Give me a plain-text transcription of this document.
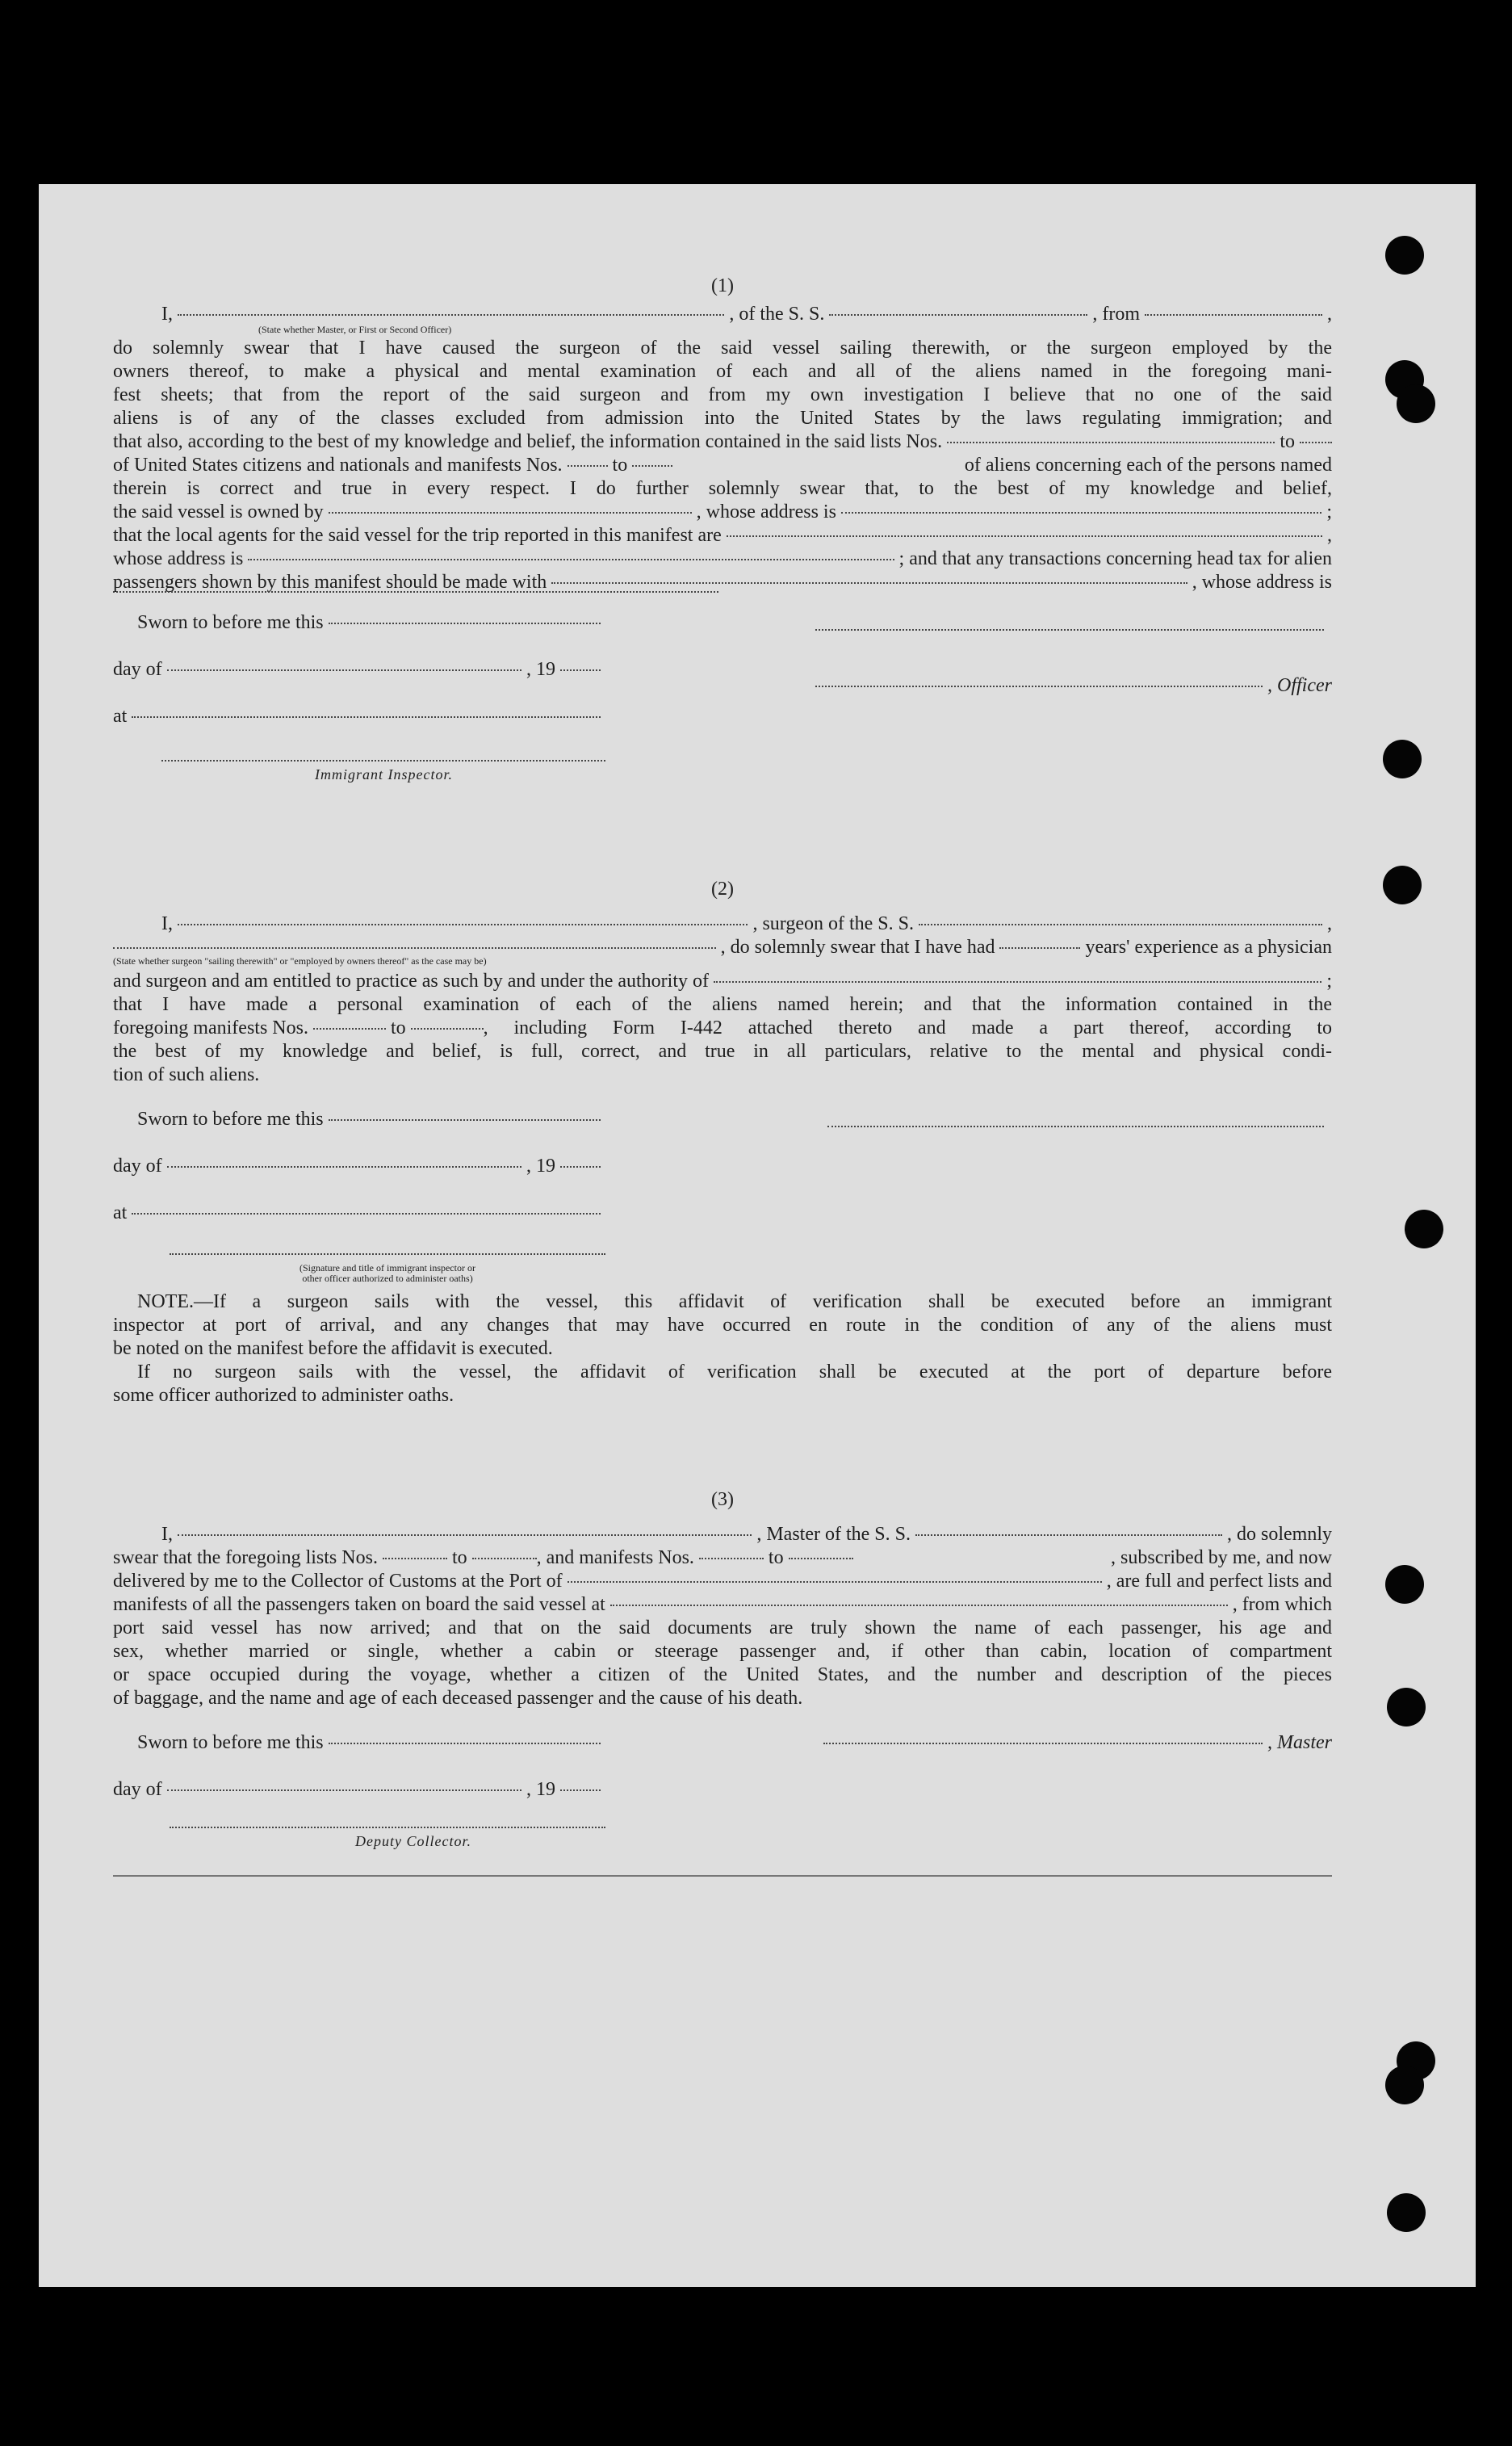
(1)
I,	, of the S. S.	, from	,
(State whether Master, or First or Second Officer)
do solemnly swear that I have caused the surgeon of the said vessel sailing therewith, or the surgeon employed by the
owners thereof, to make a physical and mental examination of each and all of the aliens named in the foregoing mani-
fest sheets; that from the report of the said surgeon and from my own investigation I believe that no one of the said
aliens is of any of the classes excluded from admission into the United States by the laws regulating immigration; and
that also, according to the best of my knowledge and belief, the information contained in the said lists Nos.	to
of United States citizens and nationals and manifests Nos.	to	of aliens concerning each of the persons named
therein is correct and true in every respect. I do further solemnly swear that, to the best of my knowledge and belief,
the said vessel is owned by	, whose address is	;
that the local agents for the said vessel for the trip reported in this manifest are	,
whose address is	; and that any transactions concerning head tax for alien
passengers shown by this manifest should be made with	, whose address is
Sworn to before me this
day of	, 19
at
Immigrant Inspector.
, Officer
(2)
I,	, surgeon of the S. S.	,
, do solemnly swear that I have had	years' experience as a physician
(State whether surgeon "sailing therewith" or "employed by owners thereof" as the case may be)
and surgeon and am entitled to practice as such by and under the authority of	;
that I have made a personal examination of each of the aliens named herein; and that the information contained in the
foregoing manifests Nos.	to	, including Form I-442 attached thereto and made a part thereof, according to
the best of my knowledge and belief, is full, correct, and true in all particulars, relative to the mental and physical condi-
tion of such aliens.
Sworn to before me this
day of	, 19
at
(Signature and title of immigrant inspector or
other officer authorized to administer oaths)
NOTE.—If a surgeon sails with the vessel, this affidavit of verification shall be executed before an immigrant
inspector at port of arrival, and any changes that may have occurred en route in the condition of any of the aliens must
be noted on the manifest before the affidavit is executed.
If no surgeon sails with the vessel, the affidavit of verification shall be executed at the port of departure before
some officer authorized to administer oaths.
(3)
I,	, Master of the S. S.	, do solemnly
swear that the foregoing lists Nos.	to	, and manifests Nos.	to	, subscribed by me, and now
delivered by me to the Collector of Customs at the Port of	, are full and perfect lists and
manifests of all the passengers taken on board the said vessel at	, from which
port said vessel has now arrived; and that on the said documents are truly shown the name of each passenger, his age and
sex, whether married or single, whether a cabin or steerage passenger and, if other than cabin, location of compartment
or space occupied during the voyage, whether a citizen of the United States, and the number and description of the pieces
of baggage, and the name and age of each deceased passenger and the cause of his death.
Sworn to before me this	, Master
day of	, 19
Deputy Collector.
